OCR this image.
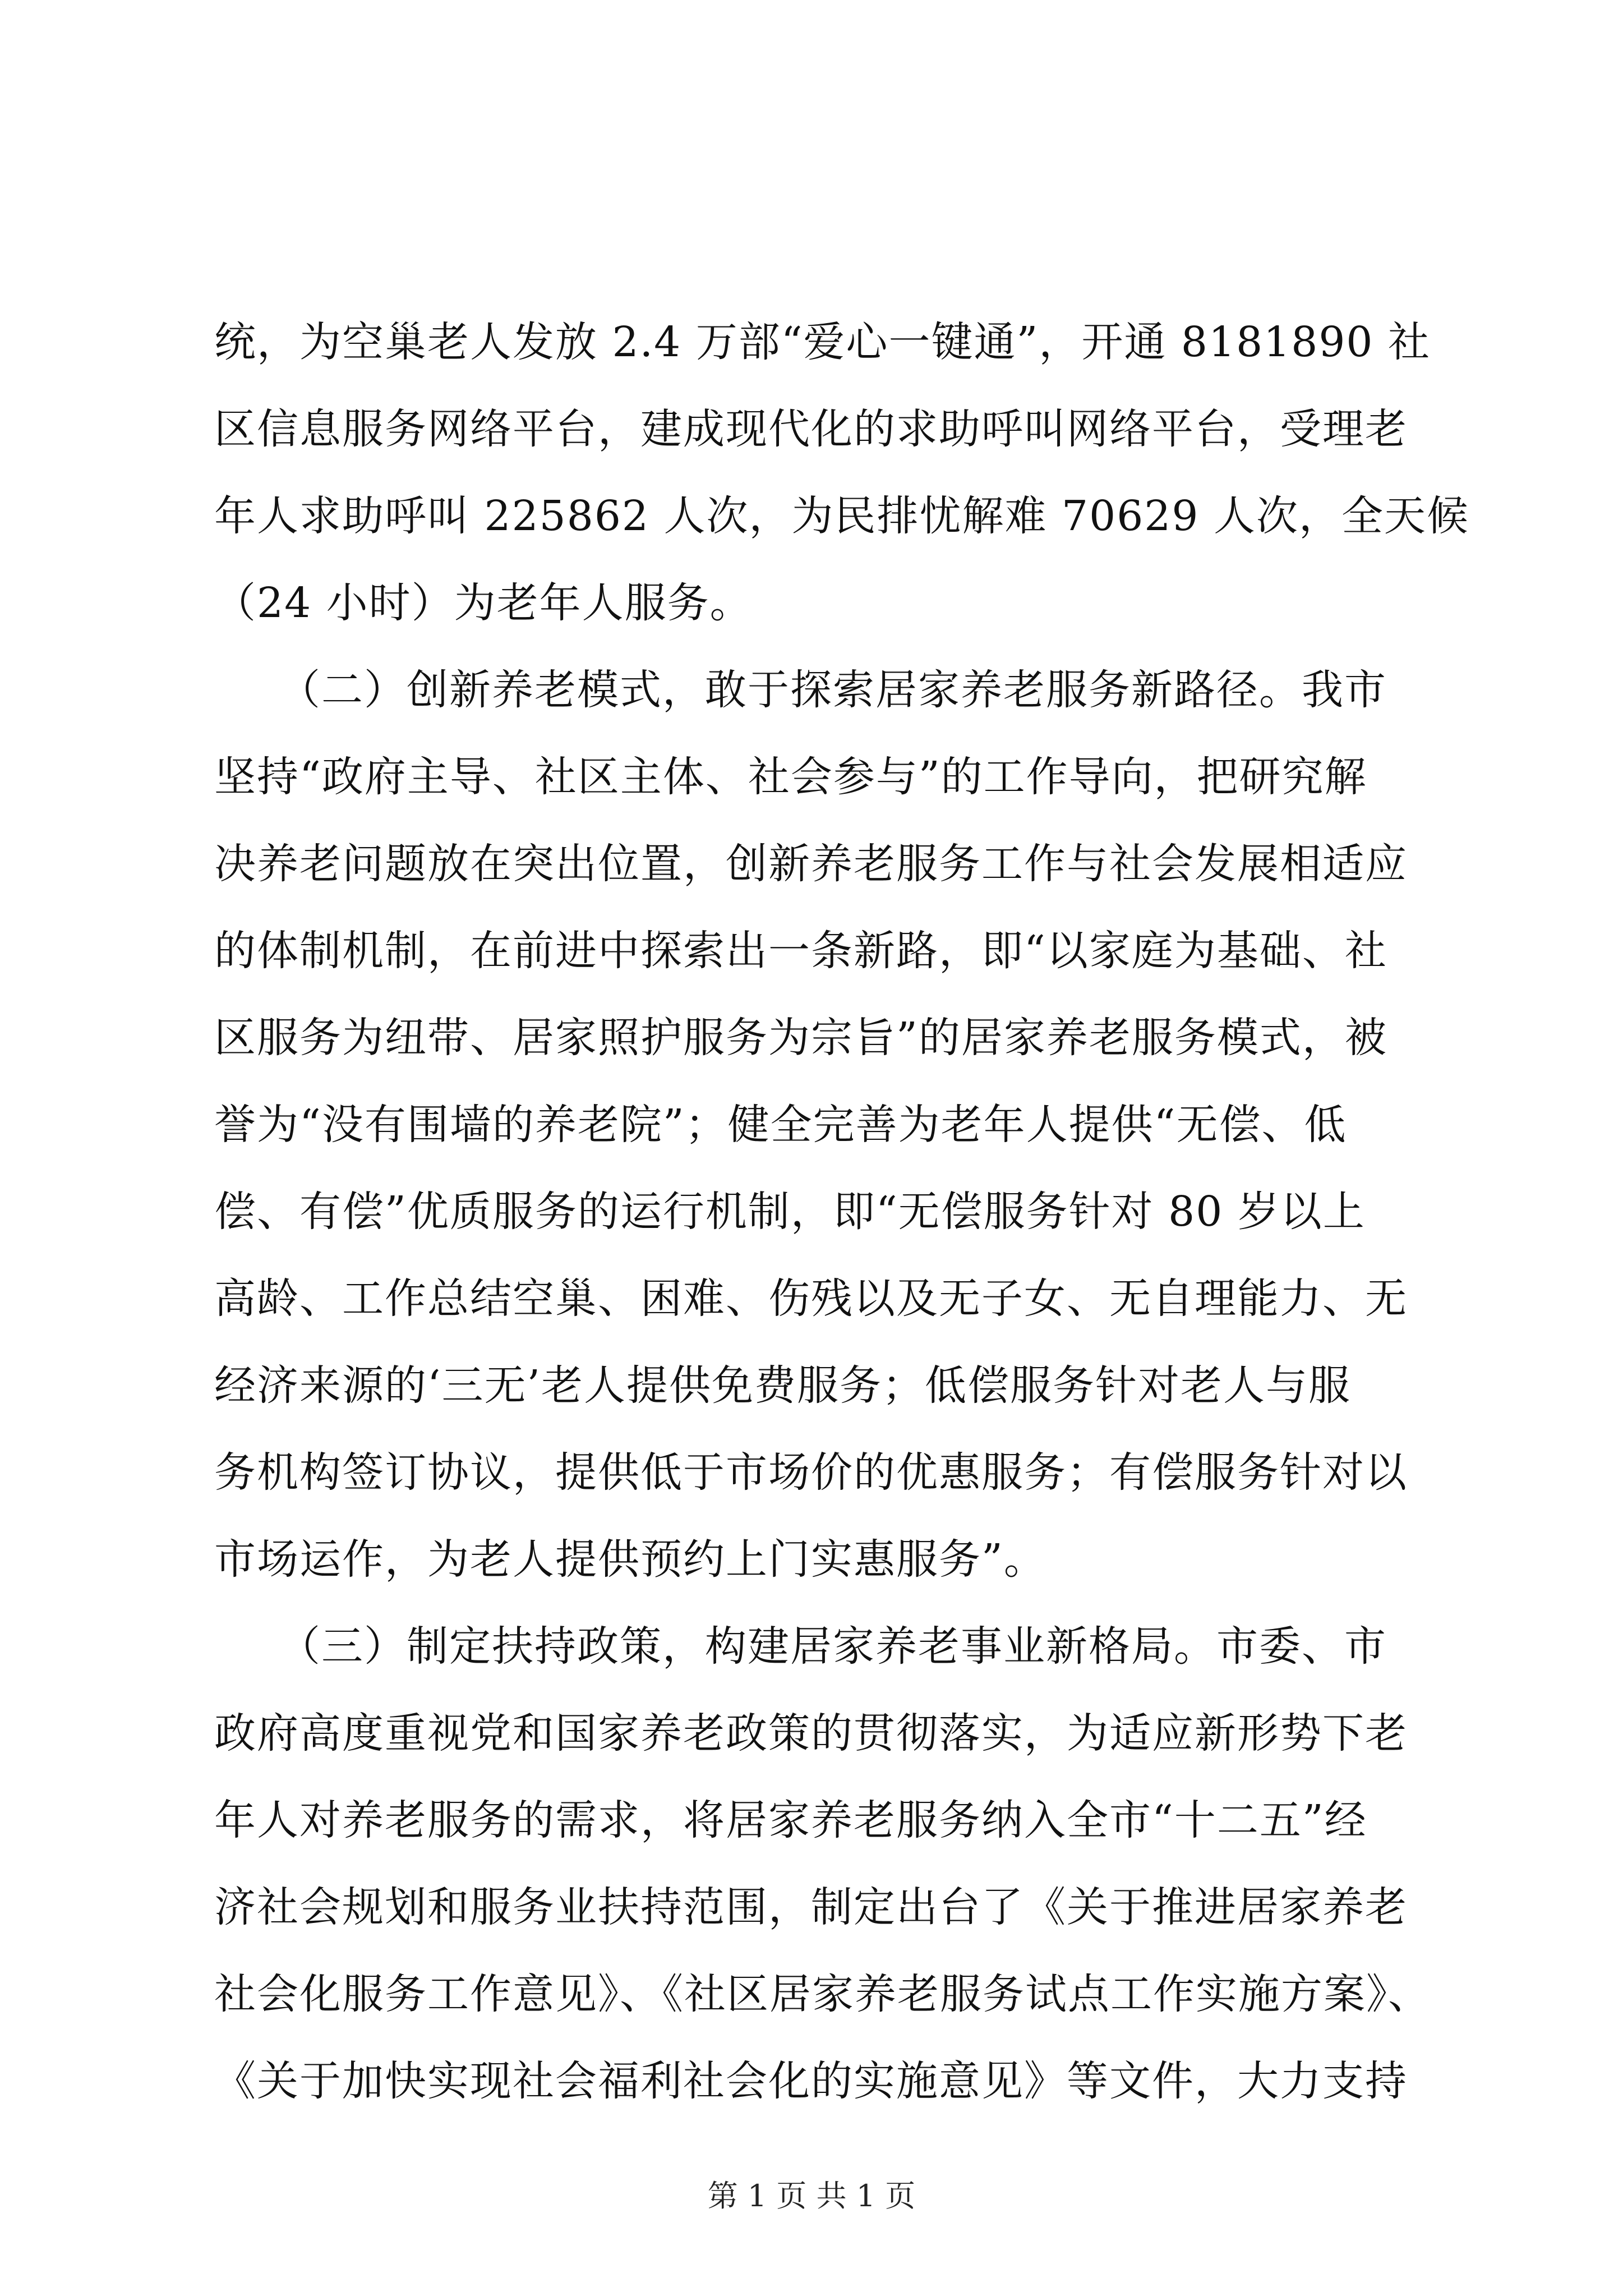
统，为空巢老人发放 2.4 万部“爱心一键通”，开通 8181890 社
区信息服务网络平台，建成现代化的求助呼叫网络平台，受理老
年人求助呼叫 225862 人次，为民排忧解难 70629 人次，全天候
（24 小时）为老年人服务。
　　（二）创新养老模式，敢于探索居家养老服务新路径。我市
坚持“政府主导、社区主体、社会参与”的工作导向，把研究解
决养老问题放在突出位置，创新养老服务工作与社会发展相适应
的体制机制，在前进中探索出一条新路，即“以家庭为基础、社
区服务为纽带、居家照护服务为宗旨”的居家养老服务模式，被
誉为“没有围墙的养老院”；健全完善为老年人提供“无偿、低
偿、有偿”优质服务的运行机制，即“无偿服务针对 80 岁以上
高龄、工作总结空巢、困难、伤残以及无子女、无自理能力、无
经济来源的‘三无’老人提供免费服务；低偿服务针对老人与服
务机构签订协议，提供低于市场价的优惠服务；有偿服务针对以
市场运作，为老人提供预约上门实惠服务”。
　　（三）制定扶持政策，构建居家养老事业新格局。市委、市
政府高度重视党和国家养老政策的贯彻落实，为适应新形势下老
年人对养老服务的需求，将居家养老服务纳入全市“十二五”经
济社会规划和服务业扶持范围，制定出台了《关于推进居家养老
社会化服务工作意见》、《社区居家养老服务试点工作实施方案》、
《关于加快实现社会福利社会化的实施意见》等文件，大力支持
第 1 页 共 1 页
